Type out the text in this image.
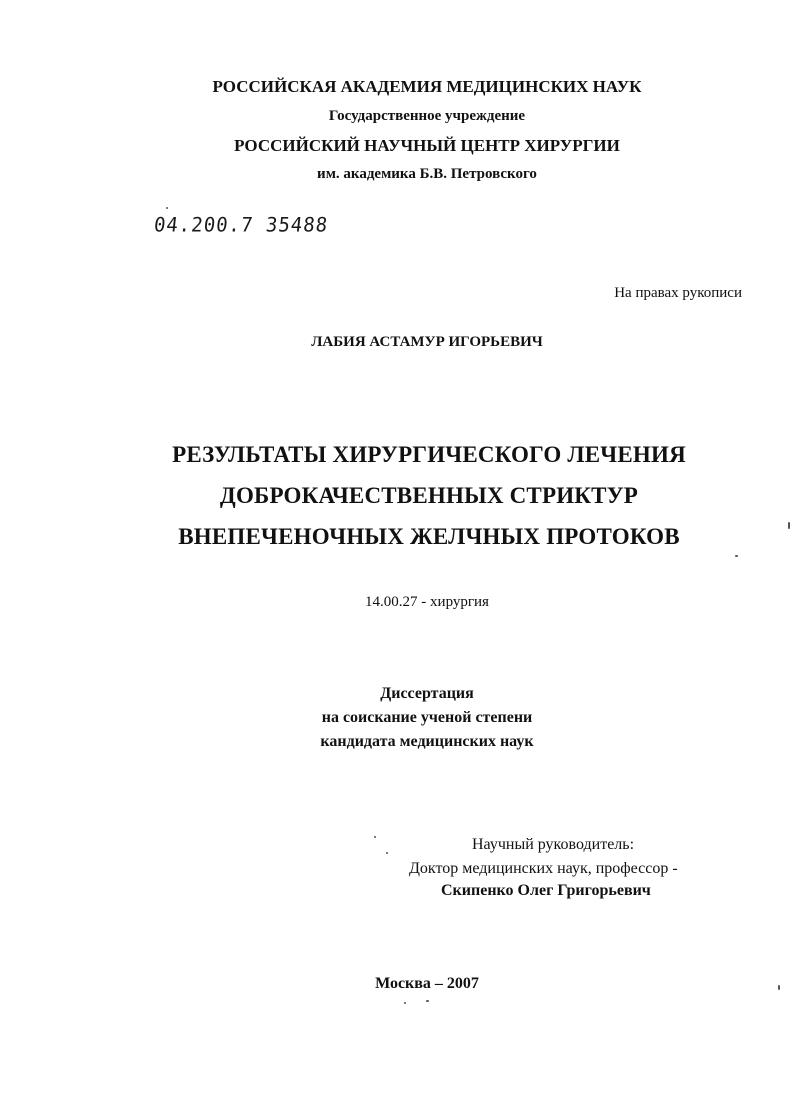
РОССИЙСКАЯ АКАДЕМИЯ МЕДИЦИНСКИХ НАУК
Государственное учреждение
РОССИЙСКИЙ НАУЧНЫЙ ЦЕНТР ХИРУРГИИ
им. академика Б.В. Петровского
04.200.7 35488
На правах рукописи
ЛАБИЯ АСТАМУР ИГОРЬЕВИЧ
РЕЗУЛЬТАТЫ ХИРУРГИЧЕСКОГО ЛЕЧЕНИЯ
ДОБРОКАЧЕСТВЕННЫХ СТРИКТУР
ВНЕПЕЧЕНОЧНЫХ ЖЕЛЧНЫХ ПРОТОКОВ
14.00.27 - хирургия
Диссертация
на соискание ученой степени
кандидата медицинских наук
Научный руководитель:
Доктор медицинских наук, профессор -
Скипенко Олег Григорьевич
Москва – 2007
